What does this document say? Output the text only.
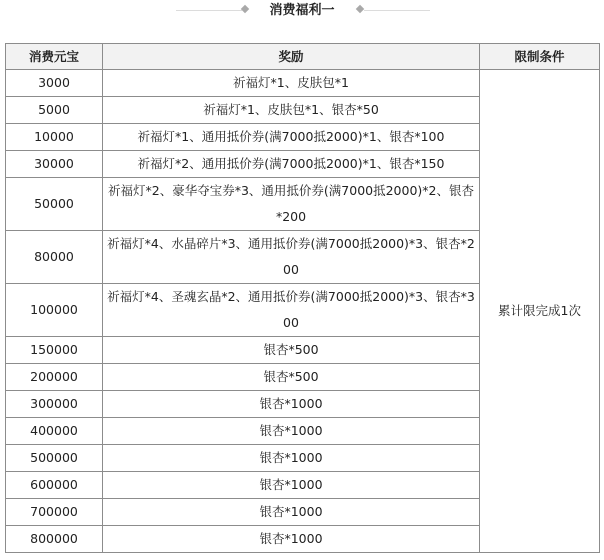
消费福利一
消费元宝	奖励	限制条件
3000	祈福灯*1、皮肤包*1	累计限完成1次
5000	祈福灯*1、皮肤包*1、银杏*50	
10000	祈福灯*1、通用抵价券(满7000抵2000)*1、银杏*100	
30000	祈福灯*2、通用抵价券(满7000抵2000)*1、银杏*150	
50000	祈福灯*2、豪华夺宝券*3、通用抵价券(满7000抵2000)*2、银杏*200	
80000	祈福灯*4、水晶碎片*3、通用抵价券(满7000抵2000)*3、银杏*200	
100000	祈福灯*4、圣魂玄晶*2、通用抵价券(满7000抵2000)*3、银杏*300	
150000	银杏*500	
200000	银杏*500	
300000	银杏*1000	
400000	银杏*1000	
500000	银杏*1000	
600000	银杏*1000	
700000	银杏*1000	
800000	银杏*1000	
